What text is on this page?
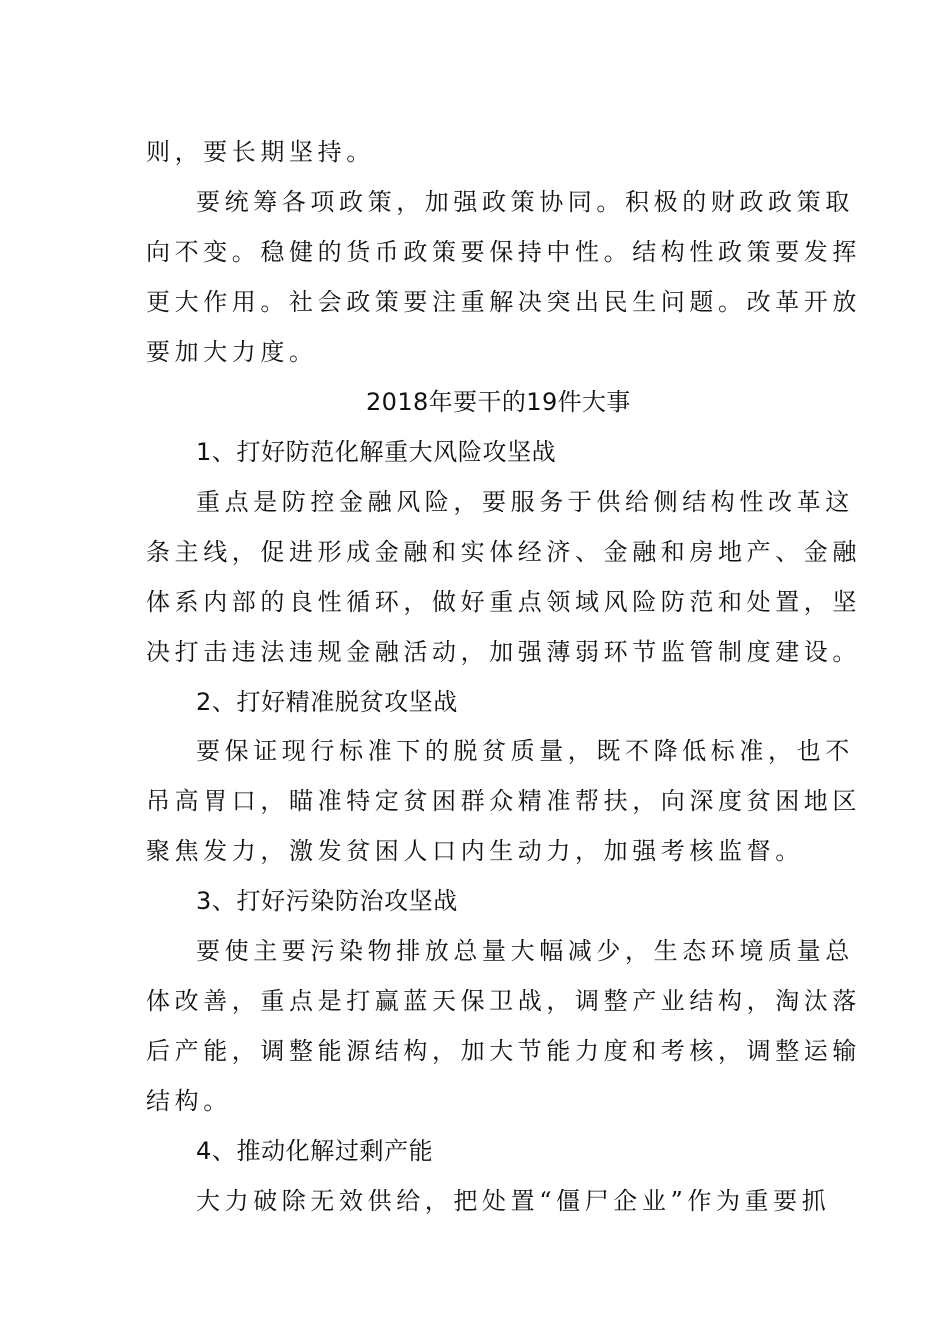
则，要长期坚持。

要统筹各项政策，加强政策协同。积极的财政政策取

向不变。稳健的货币政策要保持中性。结构性政策要发挥

更大作用。社会政策要注重解决突出民生问题。改革开放

要加大力度。

2018年要干的19件大事

1、打好防范化解重大风险攻坚战

重点是防控金融风险，要服务于供给侧结构性改革这

条主线，促进形成金融和实体经济、金融和房地产、金融

体系内部的良性循环，做好重点领域风险防范和处置，坚

决打击违法违规金融活动，加强薄弱环节监管制度建设。

2、打好精准脱贫攻坚战

要保证现行标准下的脱贫质量，既不降低标准，也不

吊高胃口，瞄准特定贫困群众精准帮扶，向深度贫困地区

聚焦发力，激发贫困人口内生动力，加强考核监督。

3、打好污染防治攻坚战

要使主要污染物排放总量大幅减少，生态环境质量总

体改善，重点是打赢蓝天保卫战，调整产业结构，淘汰落

后产能，调整能源结构，加大节能力度和考核，调整运输

结构。

4、推动化解过剩产能

大力破除无效供给，把处置“僵尸企业”作为重要抓
